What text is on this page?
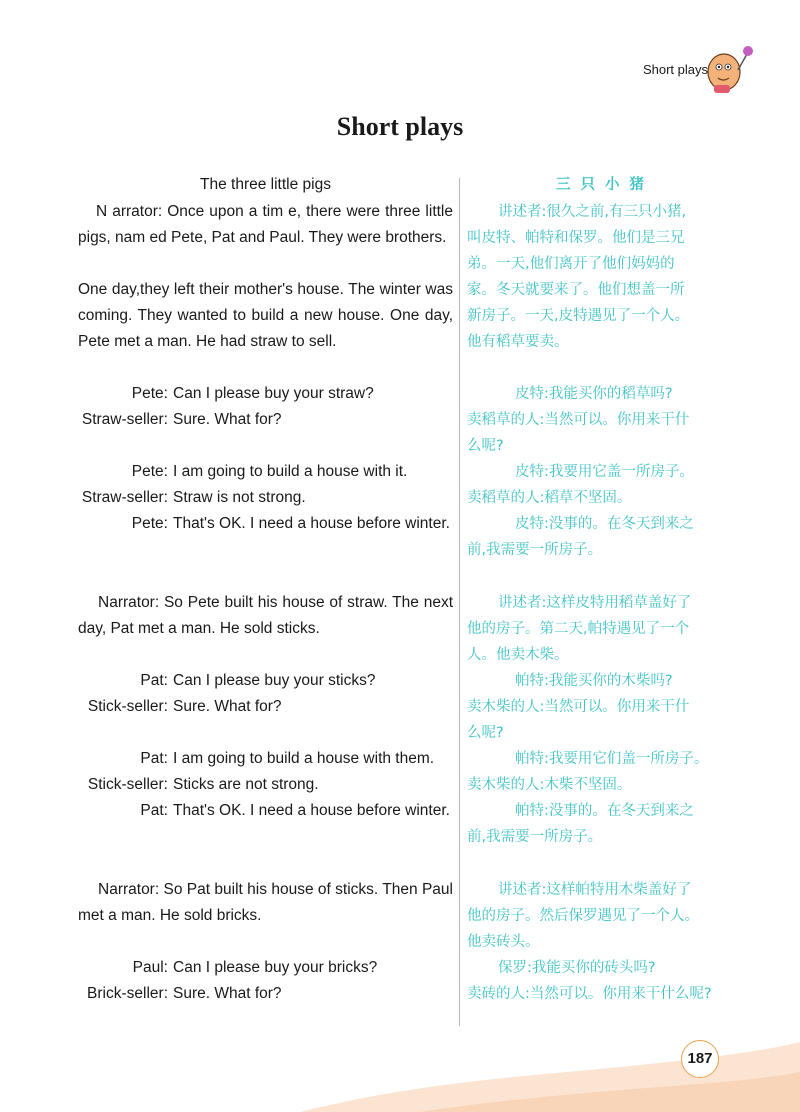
Short plays
Short plays
The three little pigs
N arrator: Once upon a tim e, there were three little pigs, nam ed Pete, Pat and Paul. They were brothers.
One day,they left their mother's house. The winter was coming. They wanted to build a new house. One day, Pete met a man. He had straw to sell.
Pete: Can I please buy your straw?
Straw-seller: Sure. What for?
Pete: I am going to build a house with it.
Straw-seller: Straw is not strong.
Pete: That's OK. I need a house before winter.
Narrator: So Pete built his house of straw. The next day, Pat met a man. He sold sticks.
Pat: Can I please buy your sticks?
Stick-seller: Sure. What for?
Pat: I am going to build a house with them.
Stick-seller: Sticks are not strong.
Pat: That's OK. I need a house before winter.
Narrator: So Pat built his house of sticks. Then Paul met a man. He sold bricks.
Paul: Can I please buy your bricks?
Brick-seller: Sure. What for?
三只小猪
讲述者:很久之前,有三只小猪,
叫皮特、帕特和保罗。他们是三兄
弟。一天,他们离开了他们妈妈的
家。冬天就要来了。他们想盖一所
新房子。一天,皮特遇见了一个人。
他有稻草要卖。
皮特:我能买你的稻草吗?
卖稻草的人:当然可以。你用来干什
么呢?
皮特:我要用它盖一所房子。
卖稻草的人:稻草不坚固。
皮特:没事的。在冬天到来之
前,我需要一所房子。
讲述者:这样皮特用稻草盖好了
他的房子。第二天,帕特遇见了一个
人。他卖木柴。
帕特:我能买你的木柴吗?
卖木柴的人:当然可以。你用来干什
么呢?
帕特:我要用它们盖一所房子。
卖木柴的人:木柴不坚固。
帕特:没事的。在冬天到来之
前,我需要一所房子。
讲述者:这样帕特用木柴盖好了
他的房子。然后保罗遇见了一个人。
他卖砖头。
保罗:我能买你的砖头吗?
卖砖的人:当然可以。你用来干什么呢?
187
